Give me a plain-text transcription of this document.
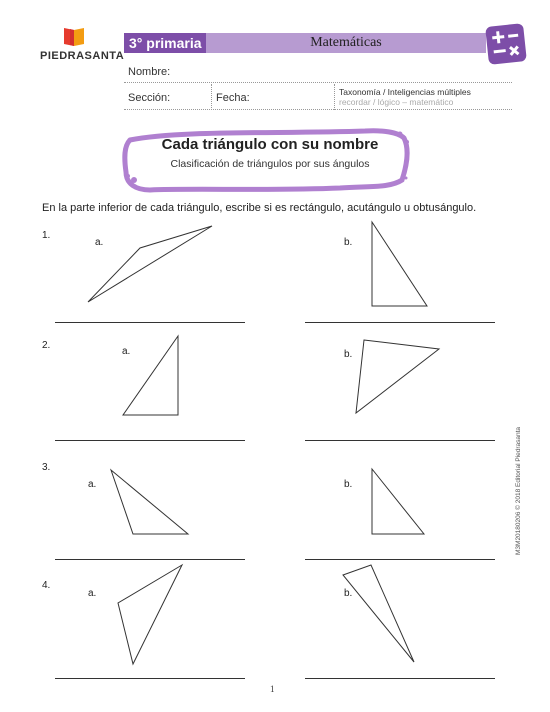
PIEDRASANTA
3° primaria	Matemáticas
Nombre:
Sección:	Fecha:	Taxonomía / Inteligencias múltiples
recordar / lógico – matemático
Cada triángulo con su nombre
Clasificación de triángulos por sus ángulos
En la parte inferior de cada triángulo, escribe si es rectángulo, acutángulo u obtusángulo.
1.
a.	b.
2.
a.	b.
3.
a.	b.
4.
a.	b.
M3M20180206 © 2018 Editorial Piedrasanta
1
